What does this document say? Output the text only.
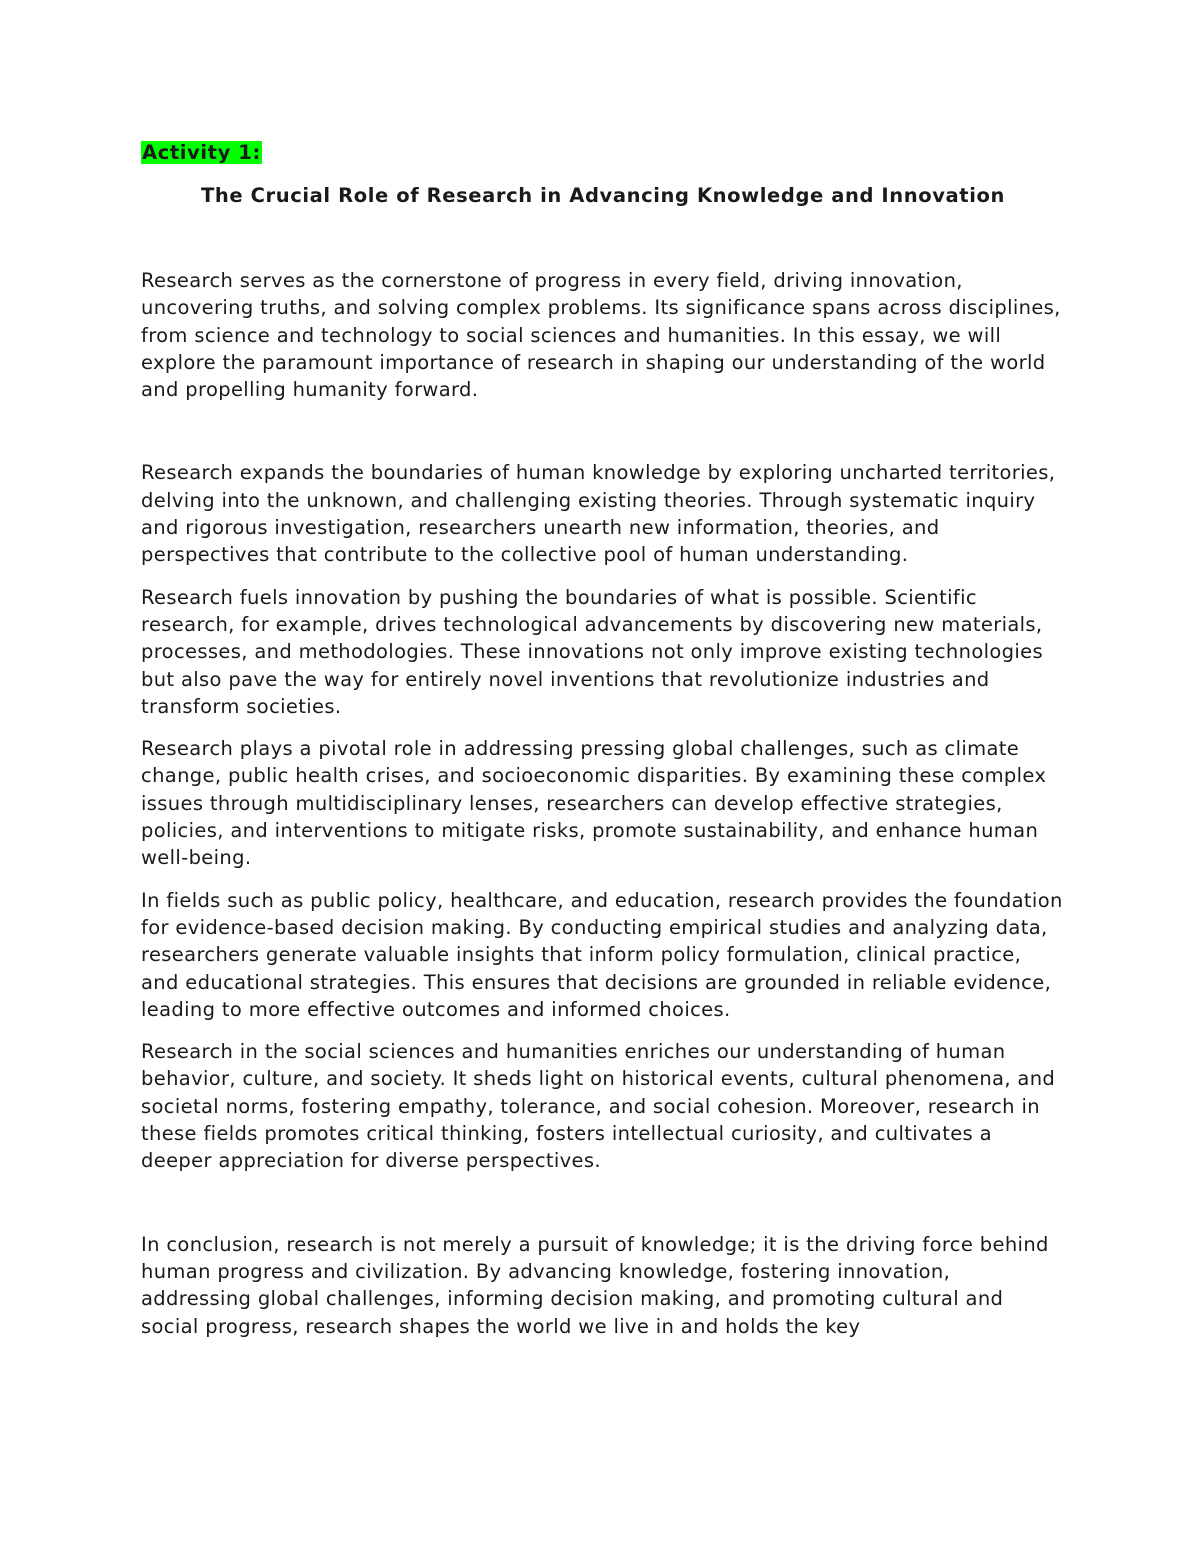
Activity 1:

The Crucial Role of Research in Advancing Knowledge and Innovation

Research serves as the cornerstone of progress in every field, driving innovation, uncovering truths, and solving complex problems. Its significance spans across disciplines, from science and technology to social sciences and humanities. In this essay, we will explore the paramount importance of research in shaping our understanding of the world and propelling humanity forward.

Research expands the boundaries of human knowledge by exploring uncharted territories, delving into the unknown, and challenging existing theories. Through systematic inquiry and rigorous investigation, researchers unearth new information, theories, and perspectives that contribute to the collective pool of human understanding.

Research fuels innovation by pushing the boundaries of what is possible. Scientific research, for example, drives technological advancements by discovering new materials, processes, and methodologies. These innovations not only improve existing technologies but also pave the way for entirely novel inventions that revolutionize industries and transform societies.

Research plays a pivotal role in addressing pressing global challenges, such as climate change, public health crises, and socioeconomic disparities. By examining these complex issues through multidisciplinary lenses, researchers can develop effective strategies, policies, and interventions to mitigate risks, promote sustainability, and enhance human well-being.

In fields such as public policy, healthcare, and education, research provides the foundation for evidence-based decision making. By conducting empirical studies and analyzing data, researchers generate valuable insights that inform policy formulation, clinical practice, and educational strategies. This ensures that decisions are grounded in reliable evidence, leading to more effective outcomes and informed choices.

Research in the social sciences and humanities enriches our understanding of human behavior, culture, and society. It sheds light on historical events, cultural phenomena, and societal norms, fostering empathy, tolerance, and social cohesion. Moreover, research in these fields promotes critical thinking, fosters intellectual curiosity, and cultivates a deeper appreciation for diverse perspectives.

In conclusion, research is not merely a pursuit of knowledge; it is the driving force behind human progress and civilization. By advancing knowledge, fostering innovation, addressing global challenges, informing decision making, and promoting cultural and social progress, research shapes the world we live in and holds the key
